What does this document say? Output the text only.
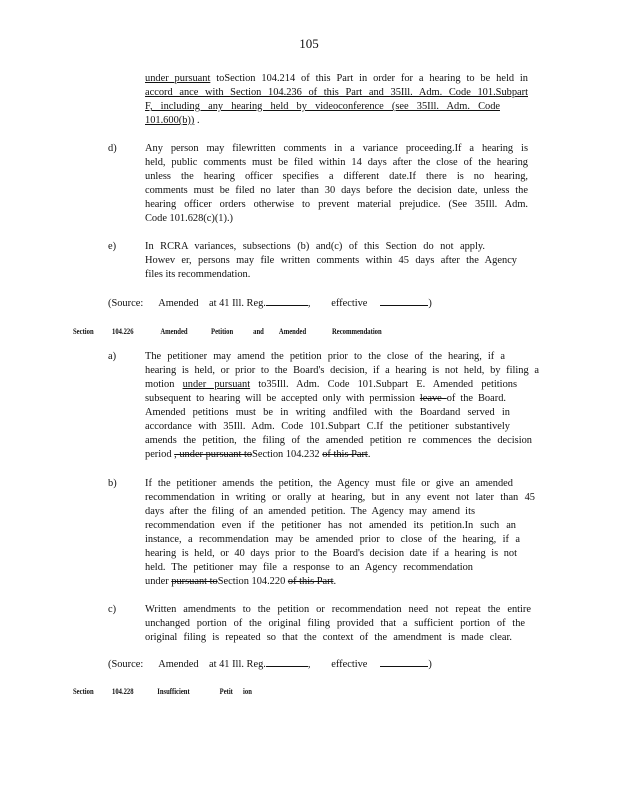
105
under pursuant toSection 104.214 of this Part in order for a hearing to be held in
accord ance with Section 104.236 of this Part and 35Ill. Adm. Code 101.Subpart
F, including any hearing held by videoconference (see 35Ill. Adm. Code
101.600(b)) .
d)	Any person may filewritten comments in a variance proceeding.If a hearing is
held, public comments must be filed within 14 days after the close of the hearing
unless the hearing officer specifies a different date.If there is no hearing,
comments must be filed no later than 30 days before the decision date, unless the
hearing officer orders otherwise to prevent material prejudice. (See 35Ill. Adm.
Code 101.628(c)(1).)
e)	In RCRA variances, subsections (b) and(c) of this Section do not apply.
Howev er, persons may file written comments within 45 days after the Agency
files its recommendation.
(Source: Amended at 41 Ill. Reg.	,        effective	)
Section 104.226	Amended	Petition and Amended	Recommendation
a)	The petitioner may amend the petition prior to the close of the hearing, if a
hearing is held, or prior to the Board's decision, if a hearing is not held, by filing a
motion under pursuant to35Ill. Adm. Code 101.Subpart E. Amended petitions
subsequent to hearing will be accepted only with permission leave of the Board.
Amended petitions must be in writing andfiled with the Boardand served in
accordance with 35Ill. Adm. Code 101.Subpart C.If the petitioner substantively
amends the petition, the filing of the amended petition re commences the decision
period , under pursuant toSection 104.232 of this Part.
b)	If the petitioner amends the petition, the Agency must file or give an amended
recommendation in writing or orally at hearing, but in any event not later than 45
days after the filing of an amended petition. The Agency may amend its
recommendation even if the petitioner has not amended its petition.In such an
instance, a recommendation may be amended prior to close of the hearing, if a
hearing is held, or 40 days prior to the Board's decision date if a hearing is not
held. The petitioner may file a response to an Agency recommendation
under pursuant toSection 104.220 of this Part.
c)	Written amendments to the petition or recommendation need not repeat the entire
unchanged portion of the original filing provided that a sufficient portion of the
original filing is repeated so that the context of the amendment is made clear.
(Source: Amended at 41 Ill. Reg.	,        effective	)
Section 104.228	Insufficient	Petit ion
